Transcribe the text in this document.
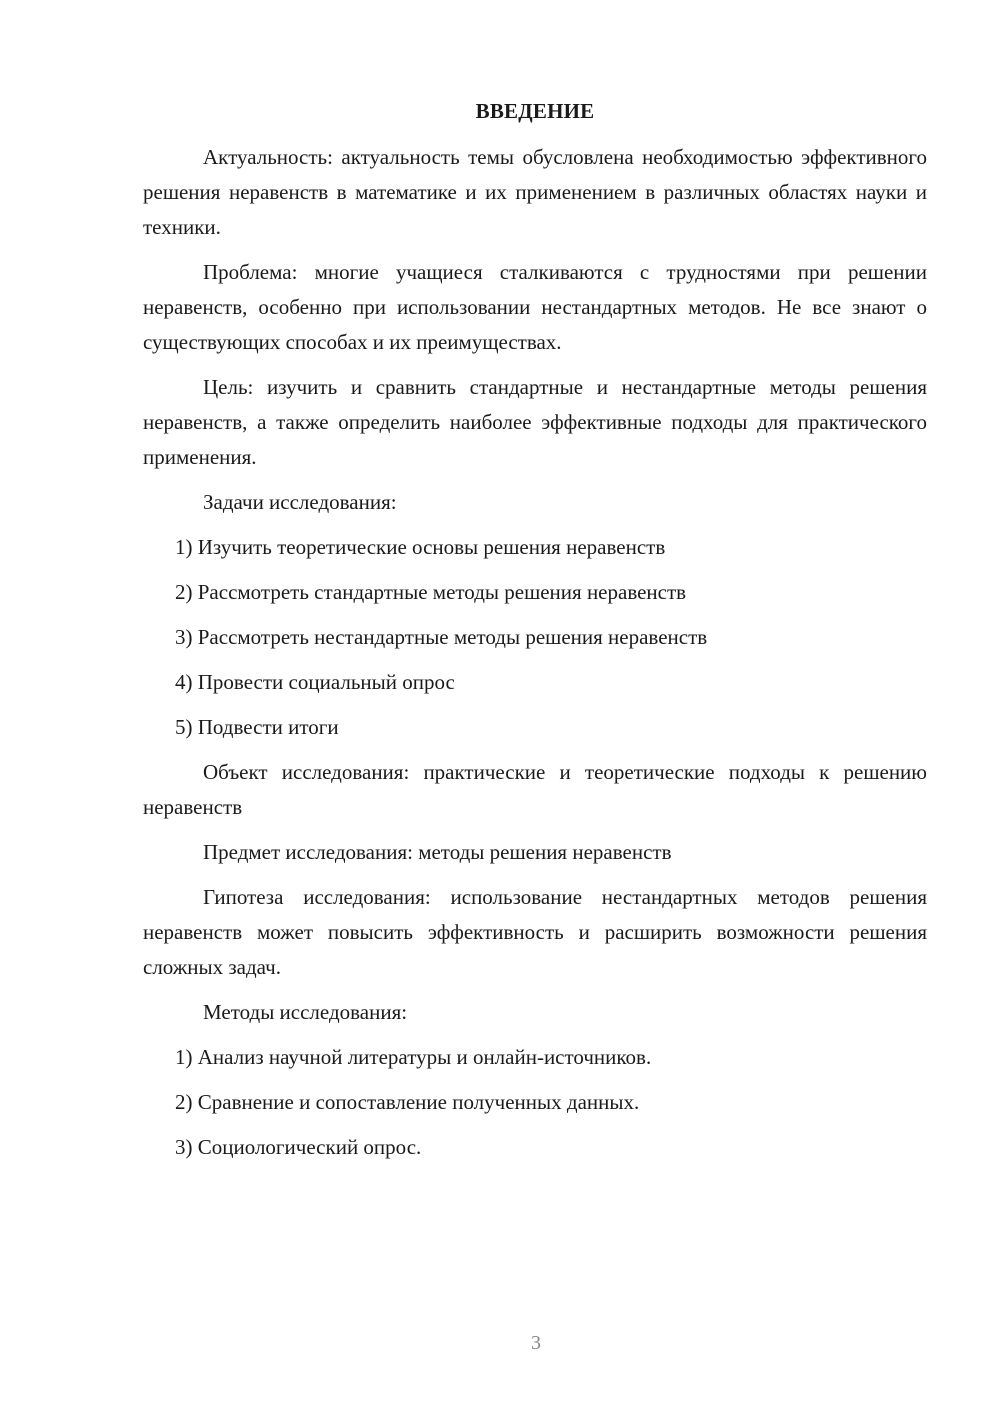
ВВЕДЕНИЕ

Актуальность: актуальность темы обусловлена необходимостью эффективного решения неравенств в математике и их применением в различных областях науки и техники.

Проблема: многие учащиеся сталкиваются с трудностями при решении неравенств, особенно при использовании нестандартных методов. Не все знают о существующих способах и их преимуществах.

Цель: изучить и сравнить стандартные и нестандартные методы решения неравенств, а также определить наиболее эффективные подходы для практического применения.

Задачи исследования:
1) Изучить теоретические основы решения неравенств
2) Рассмотреть стандартные методы решения неравенств
3) Рассмотреть нестандартные методы решения неравенств
4) Провести социальный опрос
5) Подвести итоги

Объект исследования: практические и теоретические подходы к решению неравенств

Предмет исследования: методы решения неравенств

Гипотеза исследования: использование нестандартных методов решения неравенств может повысить эффективность и расширить возможности решения сложных задач.

Методы исследования:
1) Анализ научной литературы и онлайн-источников.
2) Сравнение и сопоставление полученных данных.
3) Социологический опрос.
3
